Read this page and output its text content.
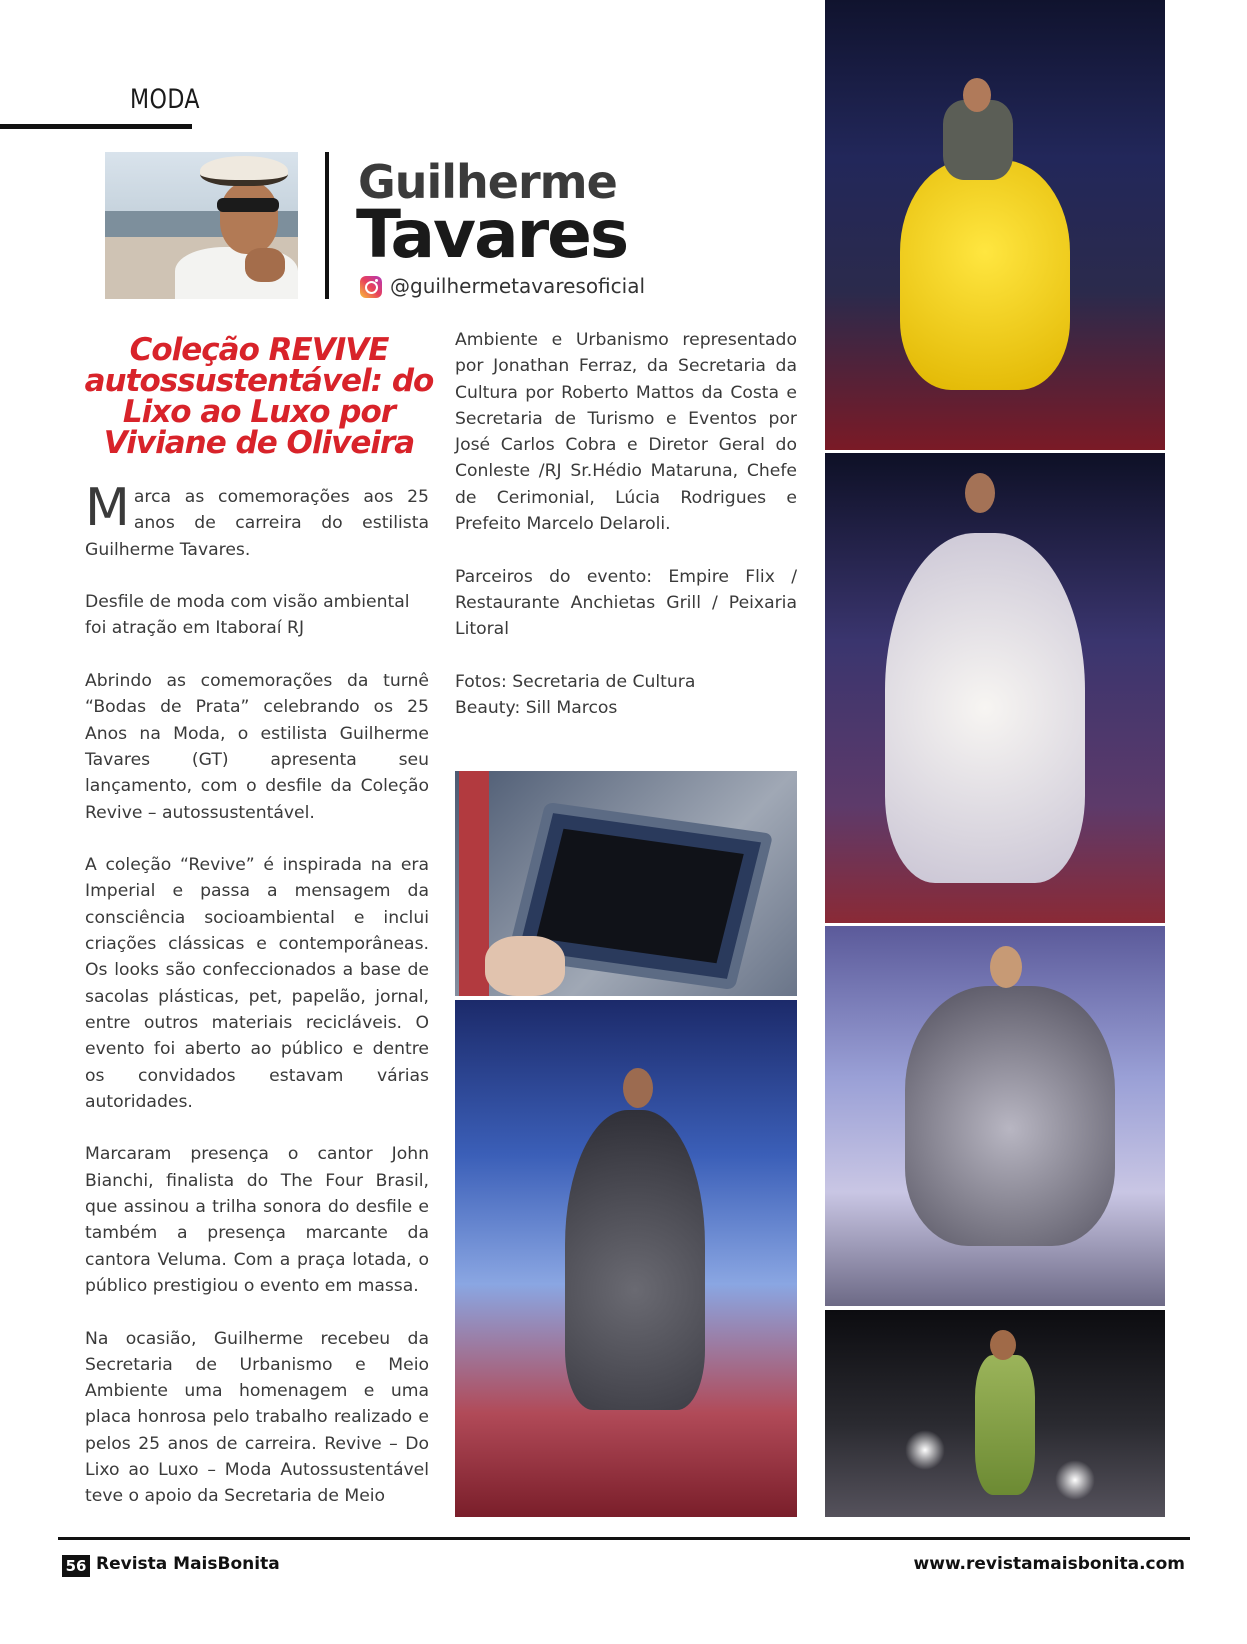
MODA
Guilherme
Tavares
@guilhermetavaresoficial
Coleção REVIVE autossustentável: do Lixo ao Luxo por Viviane de Oliveira

Marca as comemorações aos 25 anos de carreira do estilista Guilherme Tavares.

Desfile de moda com visão ambiental foi atração em Itaboraí RJ

Abrindo as comemorações da turnê “Bodas de Prata” celebrando os 25 Anos na Moda, o estilista Guilherme Tavares (GT) apresenta seu lançamento, com o desfile da Coleção Revive – autossustentável.

A coleção “Revive” é inspirada na era Imperial e passa a mensagem da consciência socioambiental e inclui criações clássicas e contemporâneas. Os looks são confeccionados a base de sacolas plásticas, pet, papelão, jornal, entre outros materiais recicláveis. O evento foi aberto ao público e dentre os convidados estavam várias autoridades.

Marcaram presença o cantor John Bianchi, finalista do The Four Brasil, que assinou a trilha sonora do desfile e também a presença marcante da cantora Veluma. Com a praça lotada, o público prestigiou o evento em massa.

Na ocasião, Guilherme recebeu da Secretaria de Urbanismo e Meio Ambiente uma homenagem e uma placa honrosa pelo trabalho realizado e pelos 25 anos de carreira. Revive – Do Lixo ao Luxo – Moda Autossustentável teve o apoio da Secretaria de Meio

Ambiente e Urbanismo representado por Jonathan Ferraz, da Secretaria da Cultura por Roberto Mattos da Costa e Secretaria de Turismo e Eventos por José Carlos Cobra e Diretor Geral do Conleste /RJ Sr.Hédio Mataruna, Chefe de Cerimonial, Lúcia Rodrigues e Prefeito Marcelo Delaroli.

Parceiros do evento: Empire Flix / Restaurante Anchietas Grill / Peixaria Litoral

Fotos: Secretaria de Cultura

Beauty: Sill Marcos

56 Revista MaisBonita	www.revistamaisbonita.com
